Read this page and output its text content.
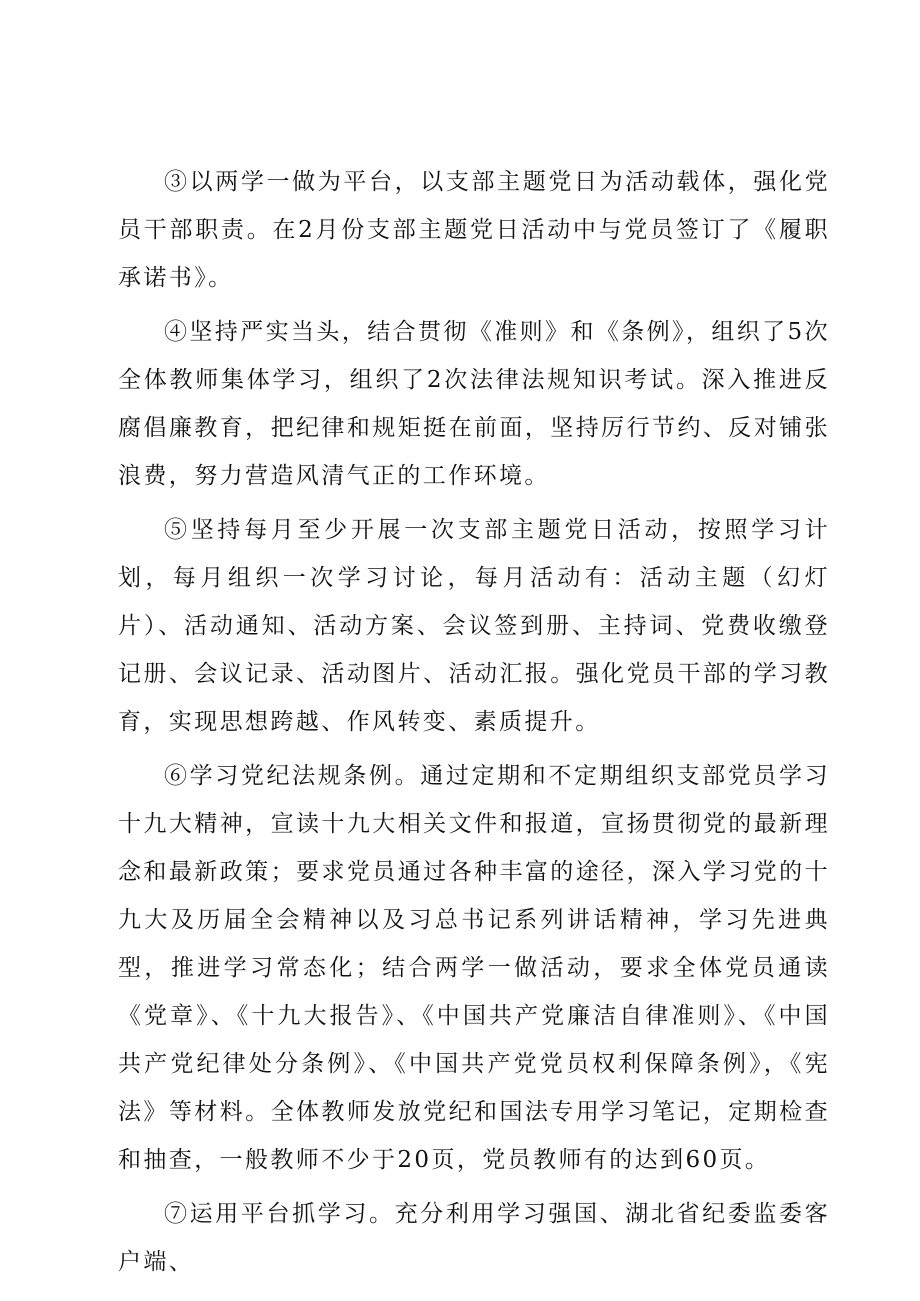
③以两学一做为平台，以支部主题党日为活动载体，强化党员干部职责。在2月份支部主题党日活动中与党员签订了《履职承诺书》。

④坚持严实当头，结合贯彻《准则》和《条例》，组织了5次全体教师集体学习，组织了2次法律法规知识考试。深入推进反腐倡廉教育，把纪律和规矩挺在前面，坚持厉行节约、反对铺张浪费，努力营造风清气正的工作环境。

⑤坚持每月至少开展一次支部主题党日活动，按照学习计划，每月组织一次学习讨论，每月活动有：活动主题（幻灯片）、活动通知、活动方案、会议签到册、主持词、党费收缴登记册、会议记录、活动图片、活动汇报。强化党员干部的学习教育，实现思想跨越、作风转变、素质提升。

⑥学习党纪法规条例。通过定期和不定期组织支部党员学习十九大精神，宣读十九大相关文件和报道，宣扬贯彻党的最新理念和最新政策；要求党员通过各种丰富的途径，深入学习党的十九大及历届全会精神以及习总书记系列讲话精神，学习先进典型，推进学习常态化；结合两学一做活动，要求全体党员通读《党章》、《十九大报告》、《中国共产党廉洁自律准则》、《中国共产党纪律处分条例》、《中国共产党党员权利保障条例》，《宪法》等材料。全体教师发放党纪和国法专用学习笔记，定期检查和抽查，一般教师不少于20页，党员教师有的达到60页。

⑦运用平台抓学习。充分利用学习强国、湖北省纪委监委客户端、
